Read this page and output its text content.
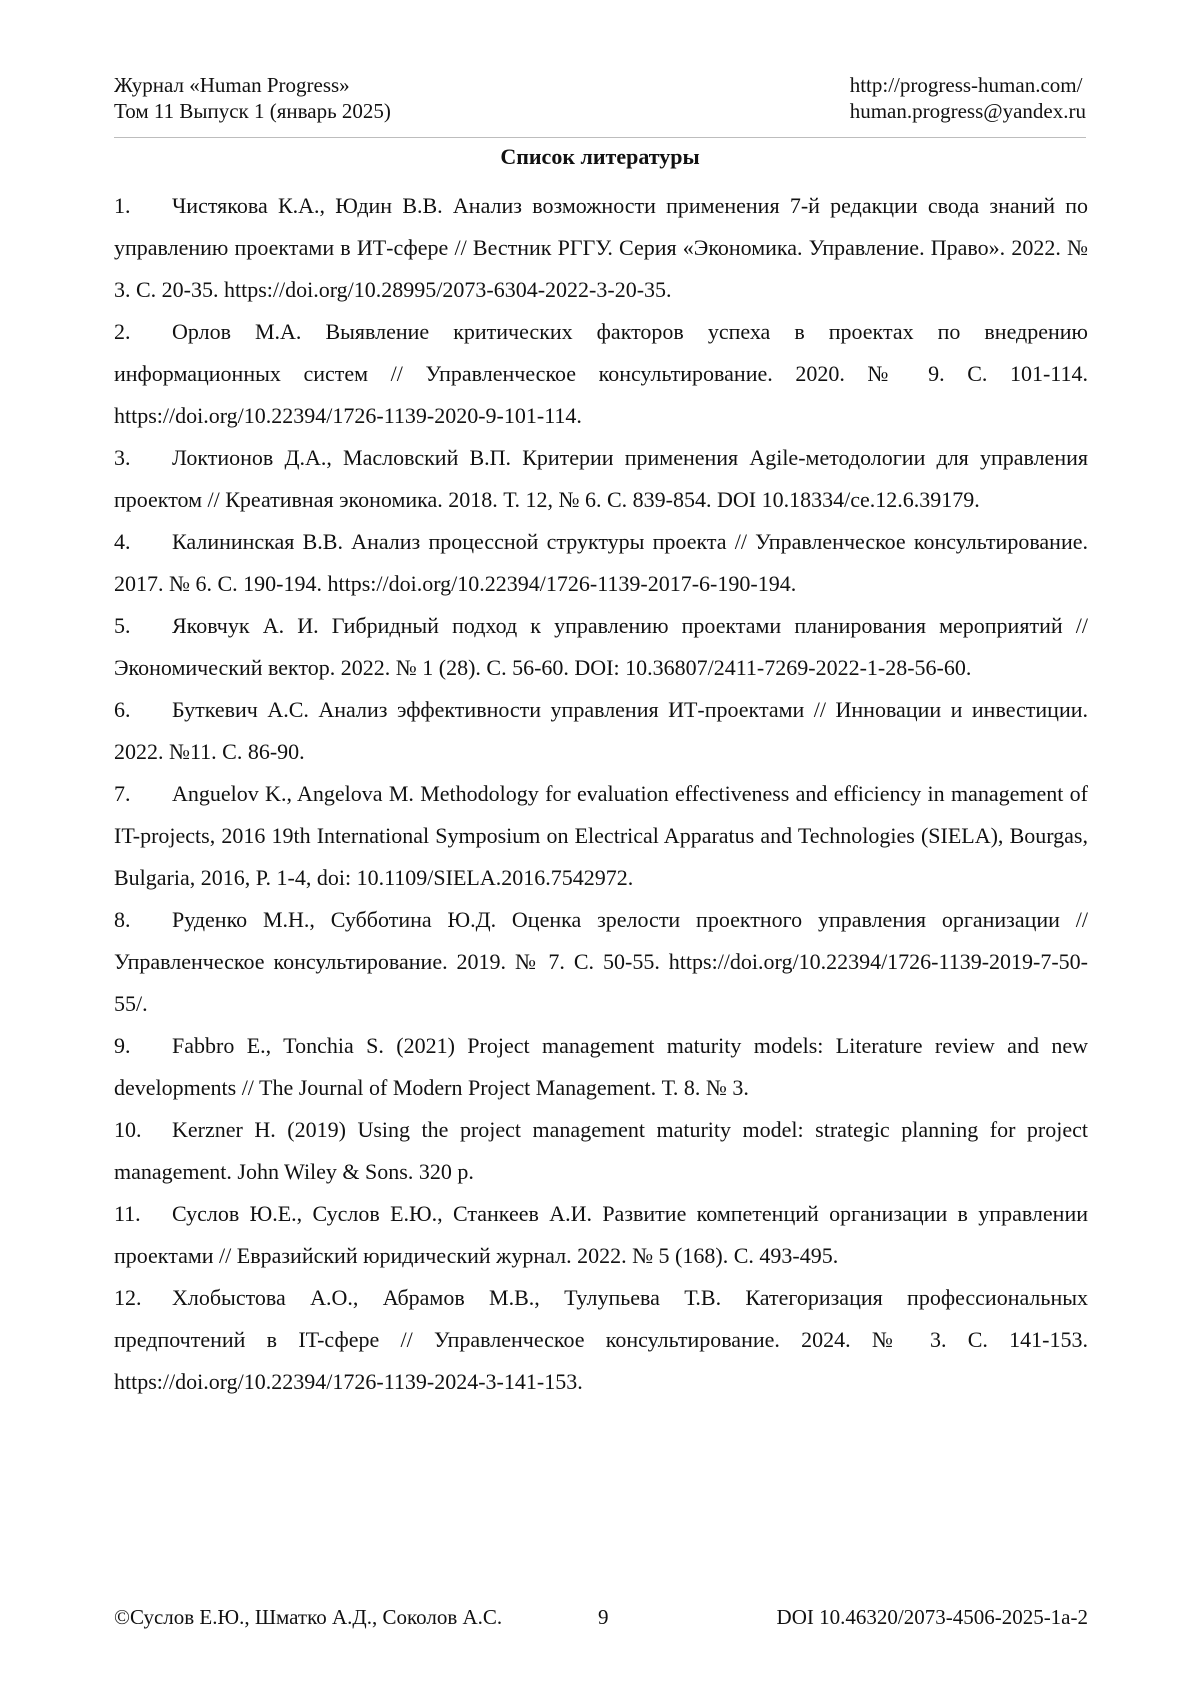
Журнал «Human Progress»
Том 11 Выпуск 1 (январь 2025)
http://progress-human.com/
human.progress@yandex.ru
Список литературы
1. Чистякова К.А., Юдин В.В. Анализ возможности применения 7-й редакции свода знаний по управлению проектами в ИТ-сфере // Вестник РГГУ. Серия «Экономика. Управление. Право». 2022. № 3. С. 20-35. https://doi.org/10.28995/2073-6304-2022-3-20-35.
2. Орлов М.А. Выявление критических факторов успеха в проектах по внедрению информационных систем // Управленческое консультирование. 2020. № 9. С. 101-114. https://doi.org/10.22394/1726-1139-2020-9-101-114.
3. Локтионов Д.А., Масловский В.П. Критерии применения Agile-методологии для управления проектом // Креативная экономика. 2018. Т. 12, № 6. С. 839-854. DOI 10.18334/ce.12.6.39179.
4. Калининская В.В. Анализ процессной структуры проекта // Управленческое консультирование. 2017. № 6. С. 190-194. https://doi.org/10.22394/1726-1139-2017-6-190-194.
5. Яковчук А. И. Гибридный подход к управлению проектами планирования мероприятий // Экономический вектор. 2022. № 1 (28). С. 56-60. DOI: 10.36807/2411-7269-2022-1-28-56-60.
6. Буткевич А.С. Анализ эффективности управления ИТ-проектами // Инновации и инвестиции. 2022. №11. С. 86-90.
7. Anguelov K., Angelova M. Methodology for evaluation effectiveness and efficiency in management of IT-projects, 2016 19th International Symposium on Electrical Apparatus and Technologies (SIELA), Bourgas, Bulgaria, 2016, P. 1-4, doi: 10.1109/SIELA.2016.7542972.
8. Руденко М.Н., Субботина Ю.Д. Оценка зрелости проектного управления организации // Управленческое консультирование. 2019. № 7. С. 50-55. https://doi.org/10.22394/1726-1139-2019-7-50-55/.
9. Fabbro E., Tonchia S. (2021) Project management maturity models: Literature review and new developments // The Journal of Modern Project Management. Т. 8. № 3.
10. Kerzner H. (2019) Using the project management maturity model: strategic planning for project management. John Wiley & Sons. 320 p.
11. Суслов Ю.Е., Суслов Е.Ю., Станкеев А.И. Развитие компетенций организации в управлении проектами // Евразийский юридический журнал. 2022. № 5 (168). С. 493-495.
12. Хлобыстова А.О., Абрамов М.В., Тулупьева Т.В. Категоризация профессиональных предпочтений в IT-сфере // Управленческое консультирование. 2024. № 3. С. 141-153. https://doi.org/10.22394/1726-1139-2024-3-141-153.
©Суслов Е.Ю., Шматко А.Д., Соколов А.С.	9	DOI 10.46320/2073-4506-2025-1a-2
